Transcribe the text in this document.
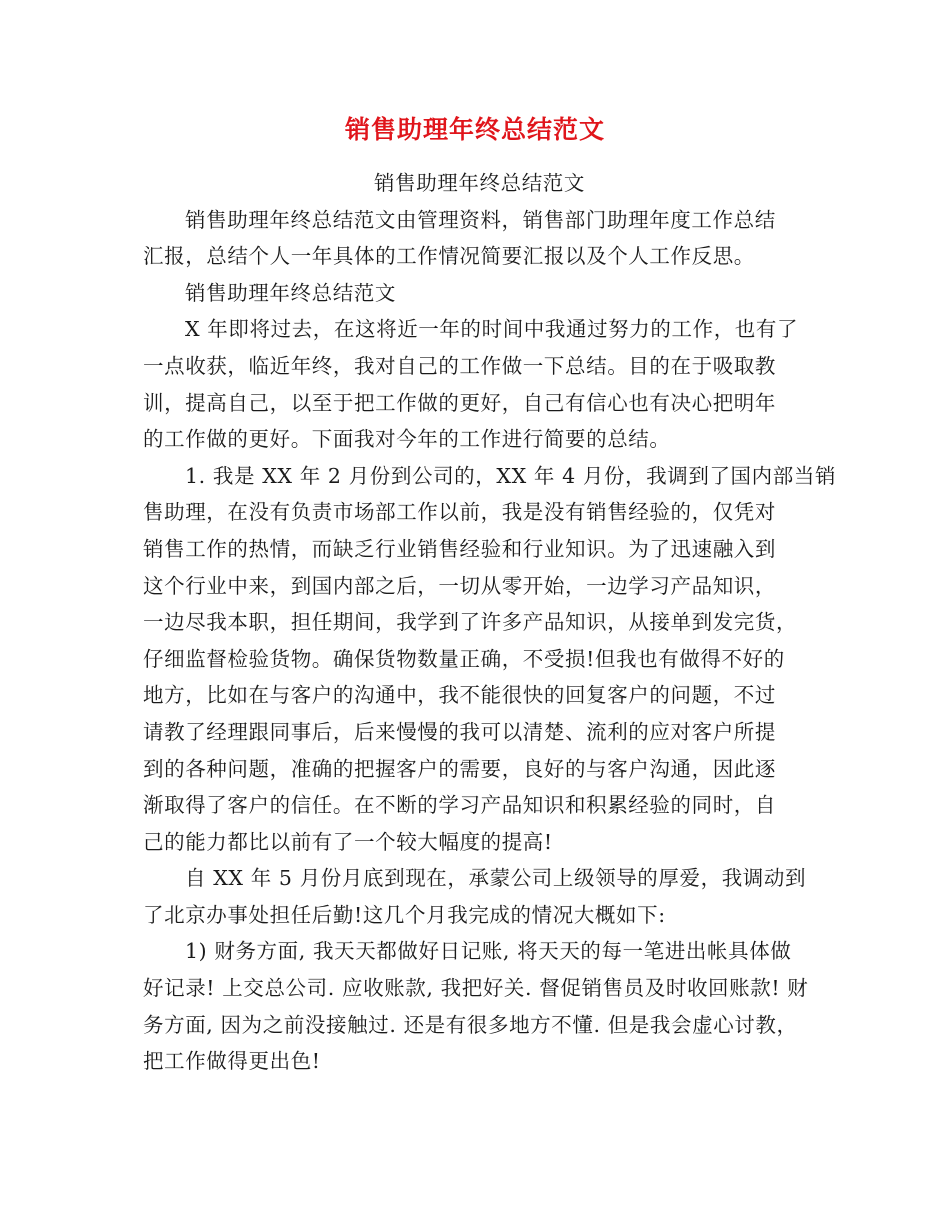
销售助理年终总结范文

销售助理年终总结范文

销售助理年终总结范文由管理资料，销售部门助理年度工作总结
汇报，总结个人一年具体的工作情况简要汇报以及个人工作反思。
销售助理年终总结范文
X 年即将过去，在这将近一年的时间中我通过努力的工作，也有了
一点收获，临近年终，我对自己的工作做一下总结。目的在于吸取教
训，提高自己，以至于把工作做的更好，自己有信心也有决心把明年
的工作做的更好。下面我对今年的工作进行简要的总结。
1. 我是 XX 年 2 月份到公司的，XX 年 4 月份，我调到了国内部当销
售助理，在没有负责市场部工作以前，我是没有销售经验的，仅凭对
销售工作的热情，而缺乏行业销售经验和行业知识。为了迅速融入到
这个行业中来，到国内部之后，一切从零开始，一边学习产品知识，
一边尽我本职，担任期间，我学到了许多产品知识，从接单到发完货，
仔细监督检验货物。确保货物数量正确，不受损!但我也有做得不好的
地方，比如在与客户的沟通中，我不能很快的回复客户的问题，不过
请教了经理跟同事后，后来慢慢的我可以清楚、流利的应对客户所提
到的各种问题，准确的把握客户的需要，良好的与客户沟通，因此逐
渐取得了客户的信任。在不断的学习产品知识和积累经验的同时，自
己的能力都比以前有了一个较大幅度的提高!
自 XX 年 5 月份月底到现在，承蒙公司上级领导的厚爱，我调动到
了北京办事处担任后勤!这几个月我完成的情况大概如下:
1) 财务方面, 我天天都做好日记账, 将天天的每一笔进出帐具体做
好记录! 上交总公司. 应收账款, 我把好关. 督促销售员及时收回账款! 财
务方面, 因为之前没接触过. 还是有很多地方不懂. 但是我会虚心讨教，
把工作做得更出色!
